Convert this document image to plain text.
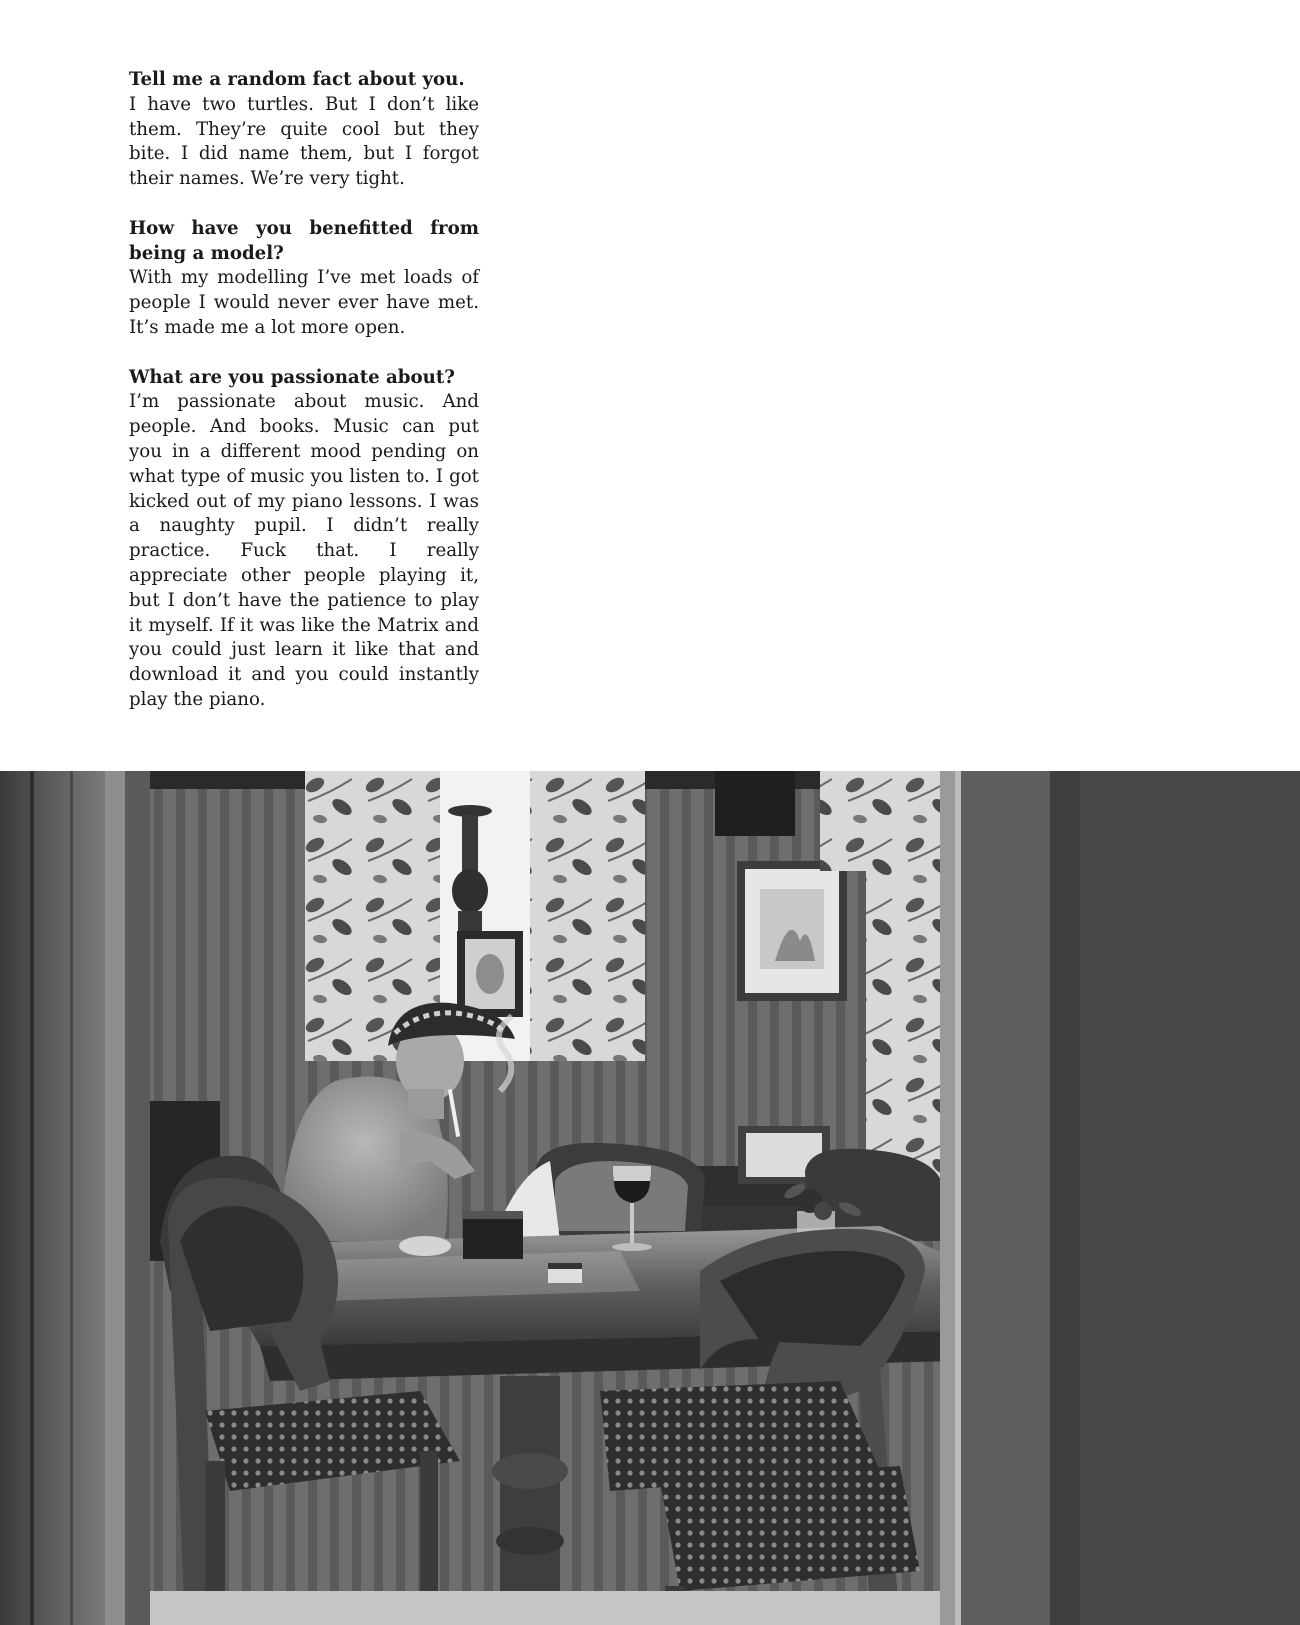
Tell me a random fact about you.
I have two turtles. But I don’t like them. They’re quite cool but they bite. I did name them, but I forgot their names. We’re very tight.
How have you benefitted from being a model?
With my modelling I’ve met loads of people I would never ever have met. It’s made me a lot more open.
What are you passionate about?
I’m passionate about music. And people. And books. Music can put you in a different mood pending on what type of music you listen to. I got kicked out of my piano lessons. I was a naughty pupil. I didn’t really practice. Fuck that. I really appreciate other people playing it, but I don’t have the patience to play it myself. If it was like the Matrix and you could just learn it like that and download it and you could instantly play the piano.
